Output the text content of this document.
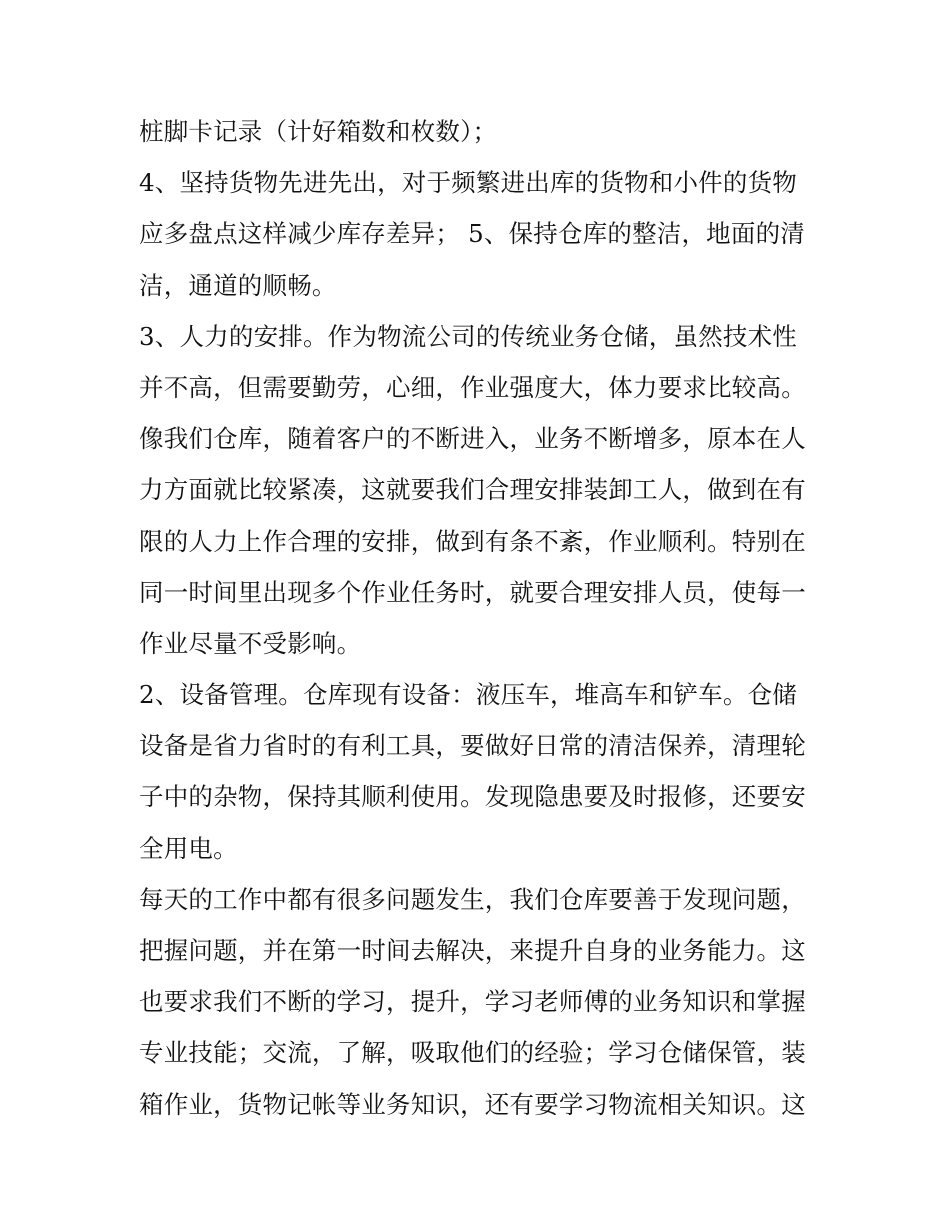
桩脚卡记录（计好箱数和枚数）；
4、坚持货物先进先出，对于频繁进出库的货物和小件的货物
应多盘点这样减少库存差异； 5、保持仓库的整洁，地面的清
洁，通道的顺畅。
3、人力的安排。作为物流公司的传统业务仓储，虽然技术性
并不高，但需要勤劳，心细，作业强度大，体力要求比较高。
像我们仓库，随着客户的不断进入，业务不断增多，原本在人
力方面就比较紧凑，这就要我们合理安排装卸工人，做到在有
限的人力上作合理的安排，做到有条不紊，作业顺利。特别在
同一时间里出现多个作业任务时，就要合理安排人员，使每一
作业尽量不受影响。
2、设备管理。仓库现有设备：液压车，堆高车和铲车。仓储
设备是省力省时的有利工具，要做好日常的清洁保养，清理轮
子中的杂物，保持其顺利使用。发现隐患要及时报修，还要安
全用电。
每天的工作中都有很多问题发生，我们仓库要善于发现问题，
把握问题，并在第一时间去解决，来提升自身的业务能力。这
也要求我们不断的学习，提升，学习老师傅的业务知识和掌握
专业技能；交流，了解，吸取他们的经验；学习仓储保管，装
箱作业，货物记帐等业务知识，还有要学习物流相关知识。这
